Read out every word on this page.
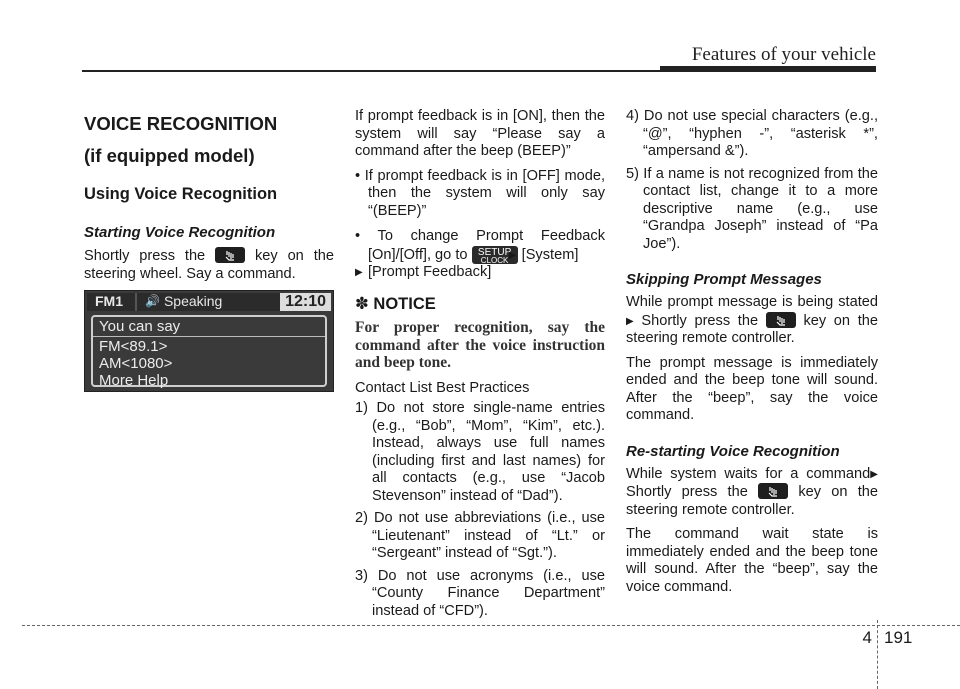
Features of your vehicle
VOICE RECOGNITION
(if equipped model)
Using Voice Recognition
Starting Voice Recognition

Shortly press the	key on the steering wheel. Say a command.

FM1	🔊 Speaking	12:10
You can say
FM<89.1>
AM<1080>
More Help

If prompt feedback is in [ON], then the system will say “Please say a command after the beep (BEEP)”

• If prompt feedback is in [OFF] mode, then the system will only say “(BEEP)”

• To change Prompt Feedback [On]/[Off], go to	SETUP
CLOCK [System]
▶ [Prompt Feedback]

✽ NOTICE

For proper recognition, say the command after the voice instruction and beep tone.

Contact List Best Practices

1) Do not store single-name entries (e.g., “Bob”, “Mom”, “Kim”, etc.). Instead, always use full names (including first and last names) for all contacts (e.g., use “Jacob Stevenson” instead of “Dad”).

2) Do not use abbreviations (i.e., use “Lieutenant” instead of “Lt.” or “Sergeant” instead of “Sgt.”).

3) Do not use acronyms (i.e., use “County Finance Department” instead of “CFD”).

4) Do not use special characters (e.g., “@”, “hyphen -”, “asterisk *”, “ampersand &”).

5) If a name is not recognized from the contact list, change it to a more descriptive name (e.g., use “Grandpa Joseph” instead of “Pa Joe”).

Skipping Prompt Messages

While prompt message is being stated▶ Shortly press the	key on the steering remote controller.

The prompt message is immediately ended and the beep tone will sound. After the “beep”, say the voice command.

Re-starting Voice Recognition

While system waits for a command▶ Shortly press the	key on the steering remote controller.

The command wait state is immediately ended and the beep tone will sound. After the “beep”, say the voice command.

4 191
